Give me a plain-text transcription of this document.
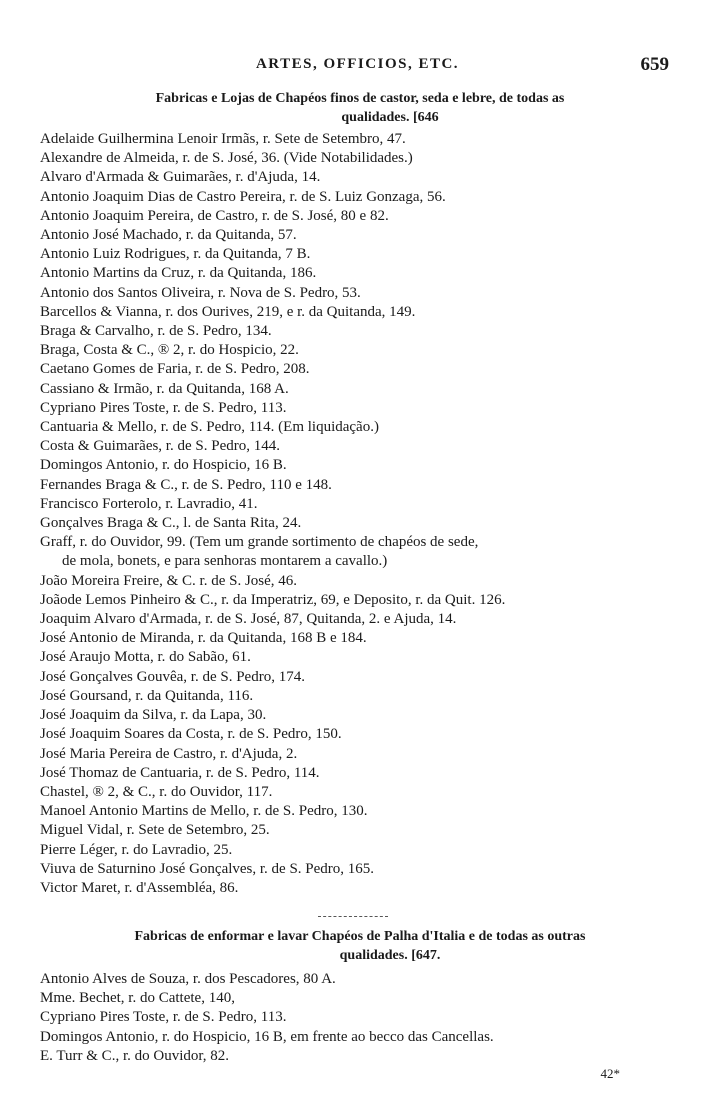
ARTES, OFFICIOS, ETC.	659
Fabricas e Lojas de Chapéos finos de castor, seda e lebre, de todas as
qualidades. [646
Adelaide Guilhermina Lenoir Irmãs, r. Sete de Setembro, 47.
Alexandre de Almeida, r. de S. José, 36. (Vide Notabilidades.)
Alvaro d'Armada & Guimarães, r. d'Ajuda, 14.
Antonio Joaquim Dias de Castro Pereira, r. de S. Luiz Gonzaga, 56.
Antonio Joaquim Pereira, de Castro, r. de S. José, 80 e 82.
Antonio José Machado, r. da Quitanda, 57.
Antonio Luiz Rodrigues, r. da Quitanda, 7 B.
Antonio Martins da Cruz, r. da Quitanda, 186.
Antonio dos Santos Oliveira, r. Nova de S. Pedro, 53.
Barcellos & Vianna, r. dos Ourives, 219, e r. da Quitanda, 149.
Braga & Carvalho, r. de S. Pedro, 134.
Braga, Costa & C., ® 2, r. do Hospicio, 22.
Caetano Gomes de Faria, r. de S. Pedro, 208.
Cassiano & Irmão, r. da Quitanda, 168 A.
Cypriano Pires Toste, r. de S. Pedro, 113.
Cantuaria & Mello, r. de S. Pedro, 114. (Em liquidação.)
Costa & Guimarães, r. de S. Pedro, 144.
Domingos Antonio, r. do Hospicio, 16 B.
Fernandes Braga & C., r. de S. Pedro, 110 e 148.
Francisco Forterolo, r. Lavradio, 41.
Gonçalves Braga & C., l. de Santa Rita, 24.
Graff, r. do Ouvidor, 99. (Tem um grande sortimento de chapéos de sede,
de mola, bonets, e para senhoras montarem a cavallo.)
João Moreira Freire, & C. r. de S. José, 46.
Joãode Lemos Pinheiro & C., r. da Imperatriz, 69, e Deposito, r. da Quit. 126.
Joaquim Alvaro d'Armada, r. de S. José, 87, Quitanda, 2. e Ajuda, 14.
José Antonio de Miranda, r. da Quitanda, 168 B e 184.
José Araujo Motta, r. do Sabão, 61.
José Gonçalves Gouvêa, r. de S. Pedro, 174.
José Goursand, r. da Quitanda, 116.
José Joaquim da Silva, r. da Lapa, 30.
José Joaquim Soares da Costa, r. de S. Pedro, 150.
José Maria Pereira de Castro, r. d'Ajuda, 2.
José Thomaz de Cantuaria, r. de S. Pedro, 114.
Chastel, ® 2, & C., r. do Ouvidor, 117.
Manoel Antonio Martins de Mello, r. de S. Pedro, 130.
Miguel Vidal, r. Sete de Setembro, 25.
Pierre Léger, r. do Lavradio, 25.
Viuva de Saturnino José Gonçalves, r. de S. Pedro, 165.
Victor Maret, r. d'Assembléa, 86.
Fabricas de enformar e lavar Chapéos de Palha d'Italia e de todas as outras
qualidades. [647.
Antonio Alves de Souza, r. dos Pescadores, 80 A.
Mme. Bechet, r. do Cattete, 140,
Cypriano Pires Toste, r. de S. Pedro, 113.
Domingos Antonio, r. do Hospicio, 16 B, em frente ao becco das Cancellas.
E. Turr & C., r. do Ouvidor, 82.
42*
